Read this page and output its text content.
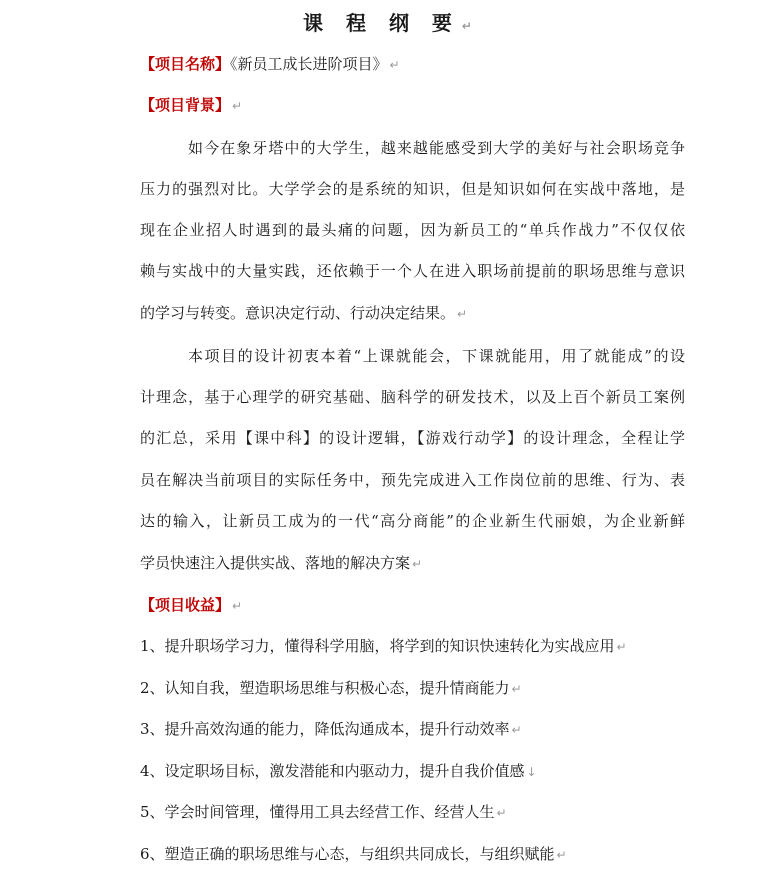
课 程 纲 要 ↵
【项目名称】《新员工成长进阶项目》 ↵
【项目背景】 ↵
如今在象牙塔中的大学生，越来越能感受到大学的美好与社会职场竞争
压力的强烈对比。大学学会的是系统的知识，但是知识如何在实战中落地，是
现在企业招人时遇到的最头痛的问题，因为新员工的“单兵作战力”不仅仅依
赖与实战中的大量实践，还依赖于一个人在进入职场前提前的职场思维与意识
的学习与转变。意识决定行动、行动决定结果。 ↵
本项目的设计初衷本着“上课就能会，下课就能用，用了就能成”的设
计理念，基于心理学的研究基础、脑科学的研发技术，以及上百个新员工案例
的汇总，采用【课中科】的设计逻辑，【游戏行动学】的设计理念，全程让学
员在解决当前项目的实际任务中，预先完成进入工作岗位前的思维、行为、表
达的输入，让新员工成为的一代“高分商能”的企业新生代丽娘，为企业新鲜
学员快速注入提供实战、落地的解决方案 ↵
【项目收益】 ↵
1、提升职场学习力，懂得科学用脑，将学到的知识快速转化为实战应用 ↵
2、认知自我，塑造职场思维与积极心态，提升情商能力 ↵
3、提升高效沟通的能力，降低沟通成本，提升行动效率 ↵
4、设定职场目标，激发潜能和内驱动力，提升自我价值感 ↓
5、学会时间管理，懂得用工具去经营工作、经营人生 ↵
6、塑造正确的职场思维与心态，与组织共同成长，与组织赋能 ↵
